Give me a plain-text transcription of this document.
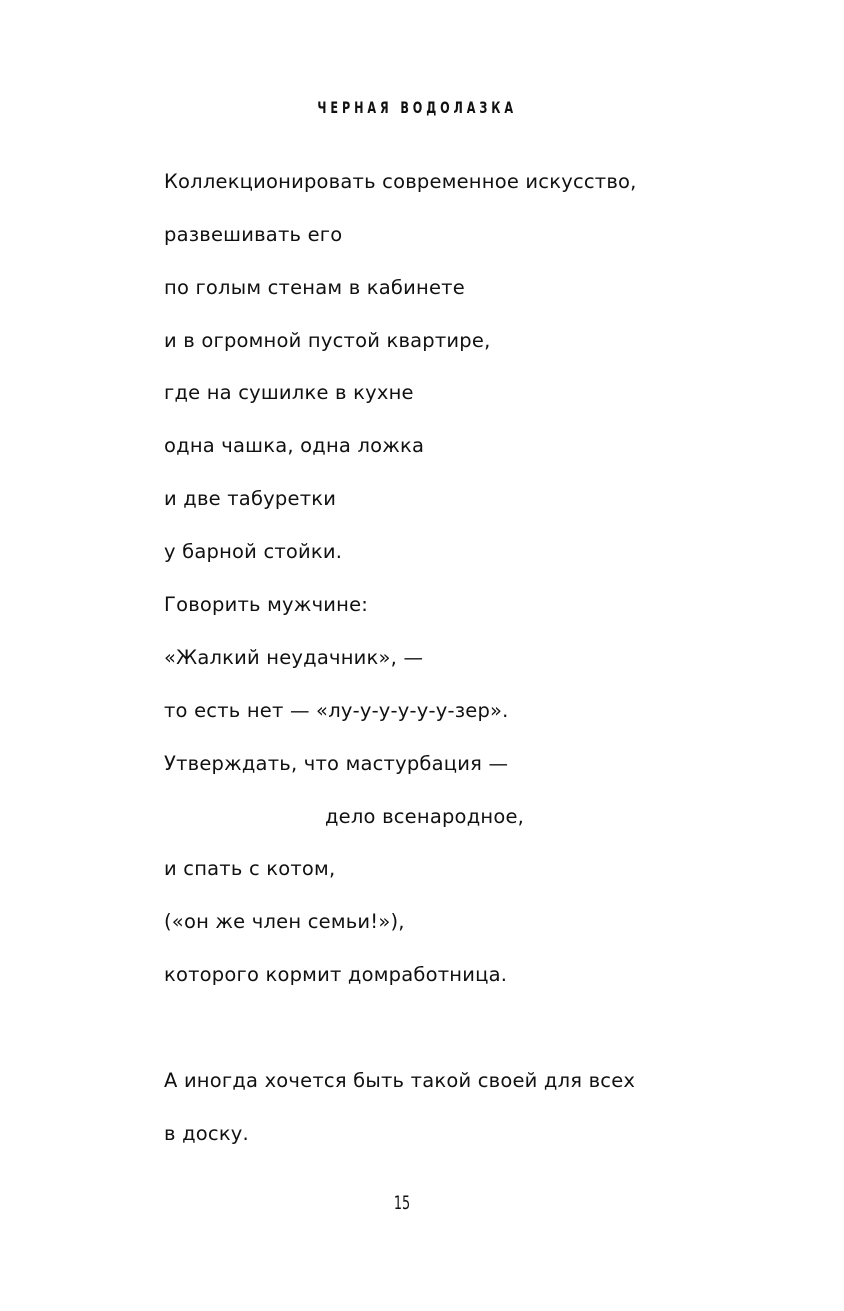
ЧЕРНАЯ ВОДОЛАЗКА
Коллекционировать современное искусство,
развешивать его
по голым стенам в кабинете
и в огромной пустой квартире,
где на сушилке в кухне
одна чашка, одна ложка
и две табуретки
у барной стойки.
Говорить мужчине:
«Жалкий неудачник», —
то есть нет — «лу-у-у-у-у-у-зер».
Утверждать, что мастурбация —
дело всенародное,
и спать с котом,
(«он же член семьи!»),
которого кормит домработница.
А иногда хочется быть такой своей для всех
в доску.
15
